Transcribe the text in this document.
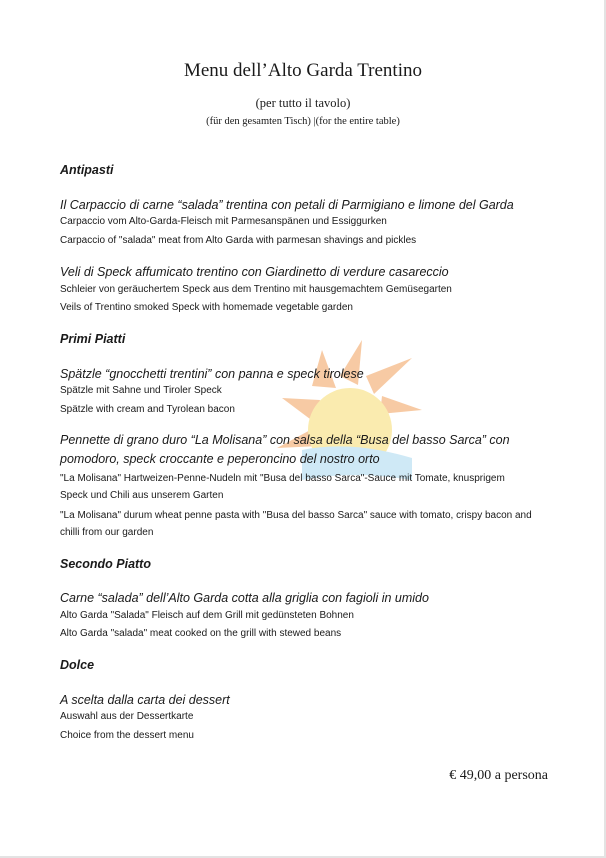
Menu dell’Alto Garda Trentino
(per tutto il tavolo)
(für den gesamten Tisch) |(for the entire table)
Antipasti
Il Carpaccio di carne “salada” trentina con petali di Parmigiano e limone del Garda
Carpaccio vom Alto-Garda-Fleisch mit Parmesanspänen und Essiggurken
Carpaccio of "salada" meat from Alto Garda with parmesan shavings and pickles
Veli di Speck affumicato trentino con Giardinetto di verdure casareccio
Schleier von geräuchertem Speck aus dem Trentino mit hausgemachtem Gemüsegarten
Veils of Trentino smoked Speck with homemade vegetable garden
Primi Piatti
Spätzle “gnocchetti trentini” con panna e speck tirolese
Spätzle mit Sahne und Tiroler Speck
Spätzle with cream and Tyrolean bacon
Pennette di grano duro “La Molisana” con salsa della “Busa del basso Sarca” con pomodoro, speck croccante e peperoncino del nostro orto
"La Molisana" Hartweizen-Penne-Nudeln mit "Busa del basso Sarca"-Sauce mit Tomate, knusprigem Speck und Chili aus unserem Garten
"La Molisana" durum wheat penne pasta with "Busa del basso Sarca" sauce with tomato, crispy bacon and chilli from our garden
Secondo Piatto
Carne “salada” dell’Alto Garda cotta alla griglia con fagioli in umido
Alto Garda "Salada" Fleisch auf dem Grill mit gedünsteten Bohnen
Alto Garda "salada" meat cooked on the grill with stewed beans
Dolce
A scelta dalla carta dei dessert
Auswahl aus der Dessertkarte
Choice from the dessert menu
€ 49,00 a persona
